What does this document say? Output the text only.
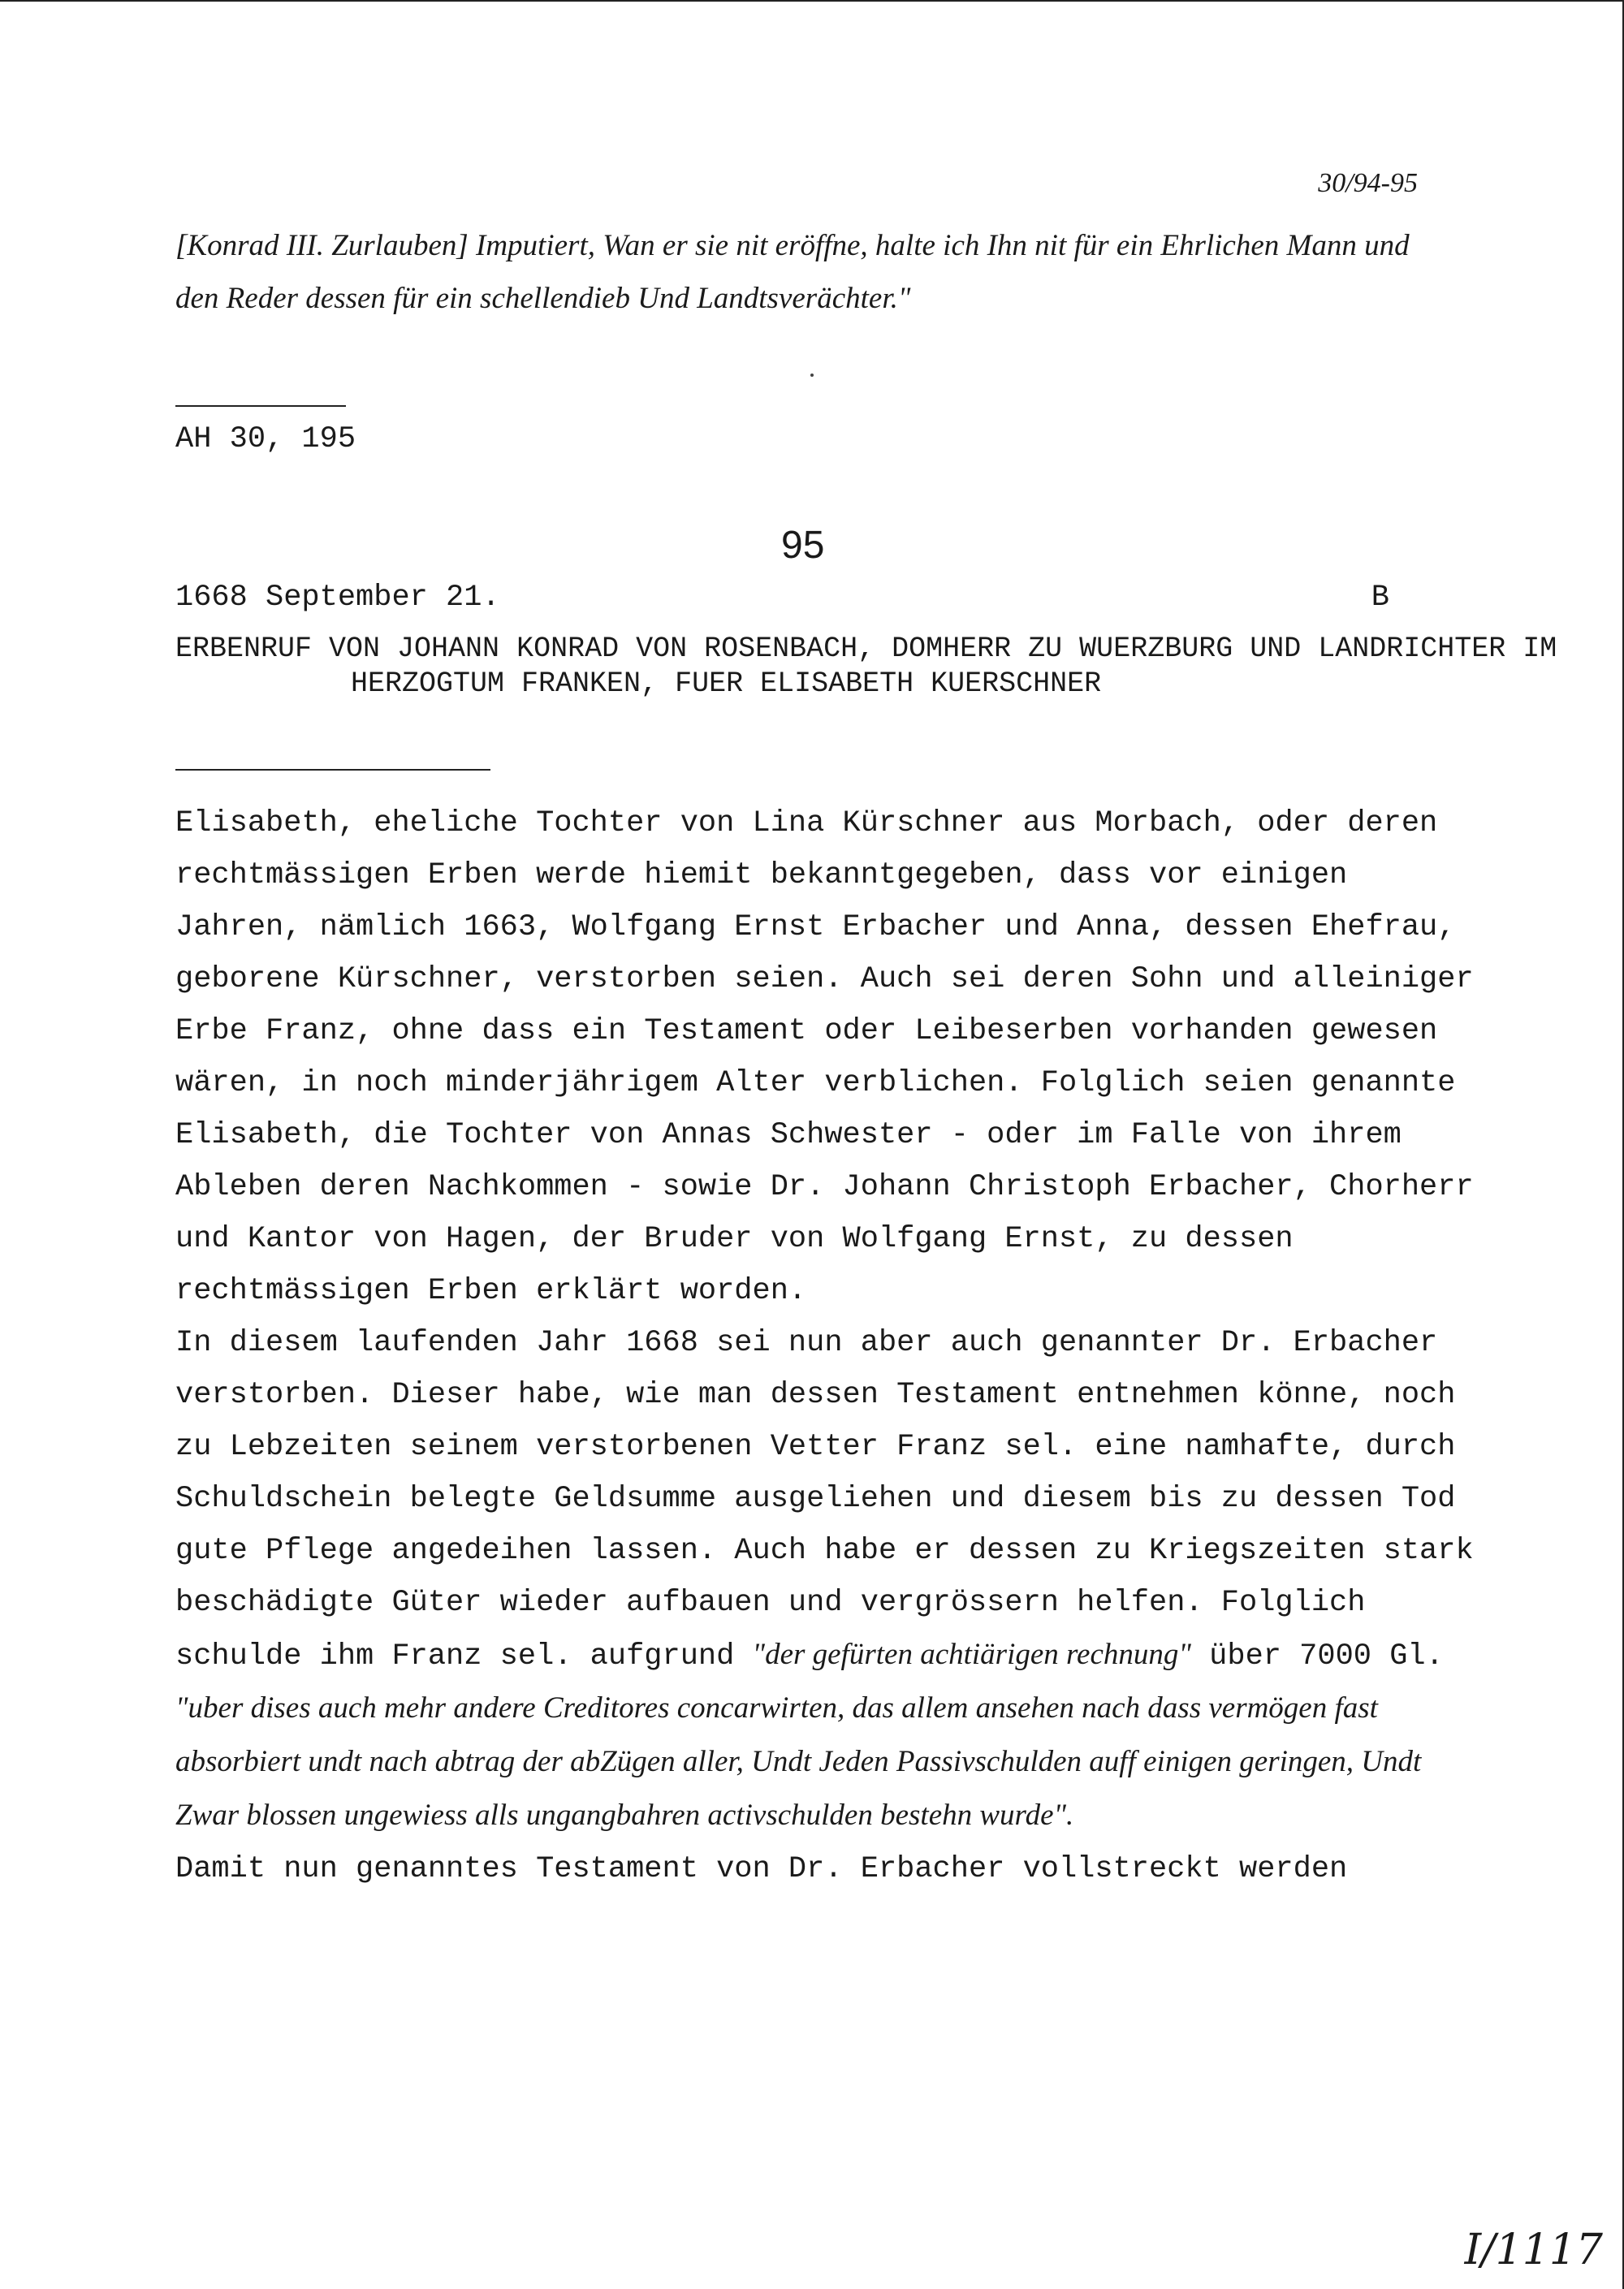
30/94-95

[Konrad III. Zurlauben] Imputiert, Wan er sie nit eröffne, halte ich Ihn nit für ein Ehrlichen Mann und den Reder dessen für ein schellendieb Und Landtsverächter."

AH 30, 195

95

1668 September 21.	B
ERBENRUF VON JOHANN KONRAD VON ROSENBACH, DOMHERR ZU WUERZBURG UND LANDRICHTER IM HERZOGTUM FRANKEN, FUER ELISABETH KUERSCHNER

Elisabeth, eheliche Tochter von Lina Kürschner aus Morbach, oder deren rechtmässigen Erben werde hiemit bekanntgegeben, dass vor einigen Jahren, nämlich 1663, Wolfgang Ernst Erbacher und Anna, dessen Ehefrau, geborene Kürschner, verstorben seien. Auch sei deren Sohn und alleiniger Erbe Franz, ohne dass ein Testament oder Leibeserben vorhanden gewesen wären, in noch minderjährigem Alter verblichen. Folglich seien genannte Elisabeth, die Tochter von Annas Schwester - oder im Falle von ihrem Ableben deren Nachkommen - sowie Dr. Johann Christoph Erbacher, Chorherr und Kantor von Hagen, der Bruder von Wolfgang Ernst, zu dessen rechtmässigen Erben erklärt worden.

In diesem laufenden Jahr 1668 sei nun aber auch genannter Dr. Erbacher verstorben. Dieser habe, wie man dessen Testament entnehmen könne, noch zu Lebzeiten seinem verstorbenen Vetter Franz sel. eine namhafte, durch Schuldschein belegte Geldsumme ausgeliehen und diesem bis zu dessen Tod gute Pflege angedeihen lassen. Auch habe er dessen zu Kriegszeiten stark beschädigte Güter wieder aufbauen und vergrössern helfen. Folglich schulde ihm Franz sel. aufgrund "der gefürten achtiärigen rechnung" über 7000 Gl. "uber dises auch mehr andere Creditores concarwirten, das allem ansehen nach dass vermögen fast absorbiert undt nach abtrag der abZügen aller, Undt Jeden Passivschulden auff einigen geringen, Undt Zwar blossen ungewiess alls ungangbahren activschulden bestehn wurde".

Damit nun genanntes Testament von Dr. Erbacher vollstreckt werden

I/1117
